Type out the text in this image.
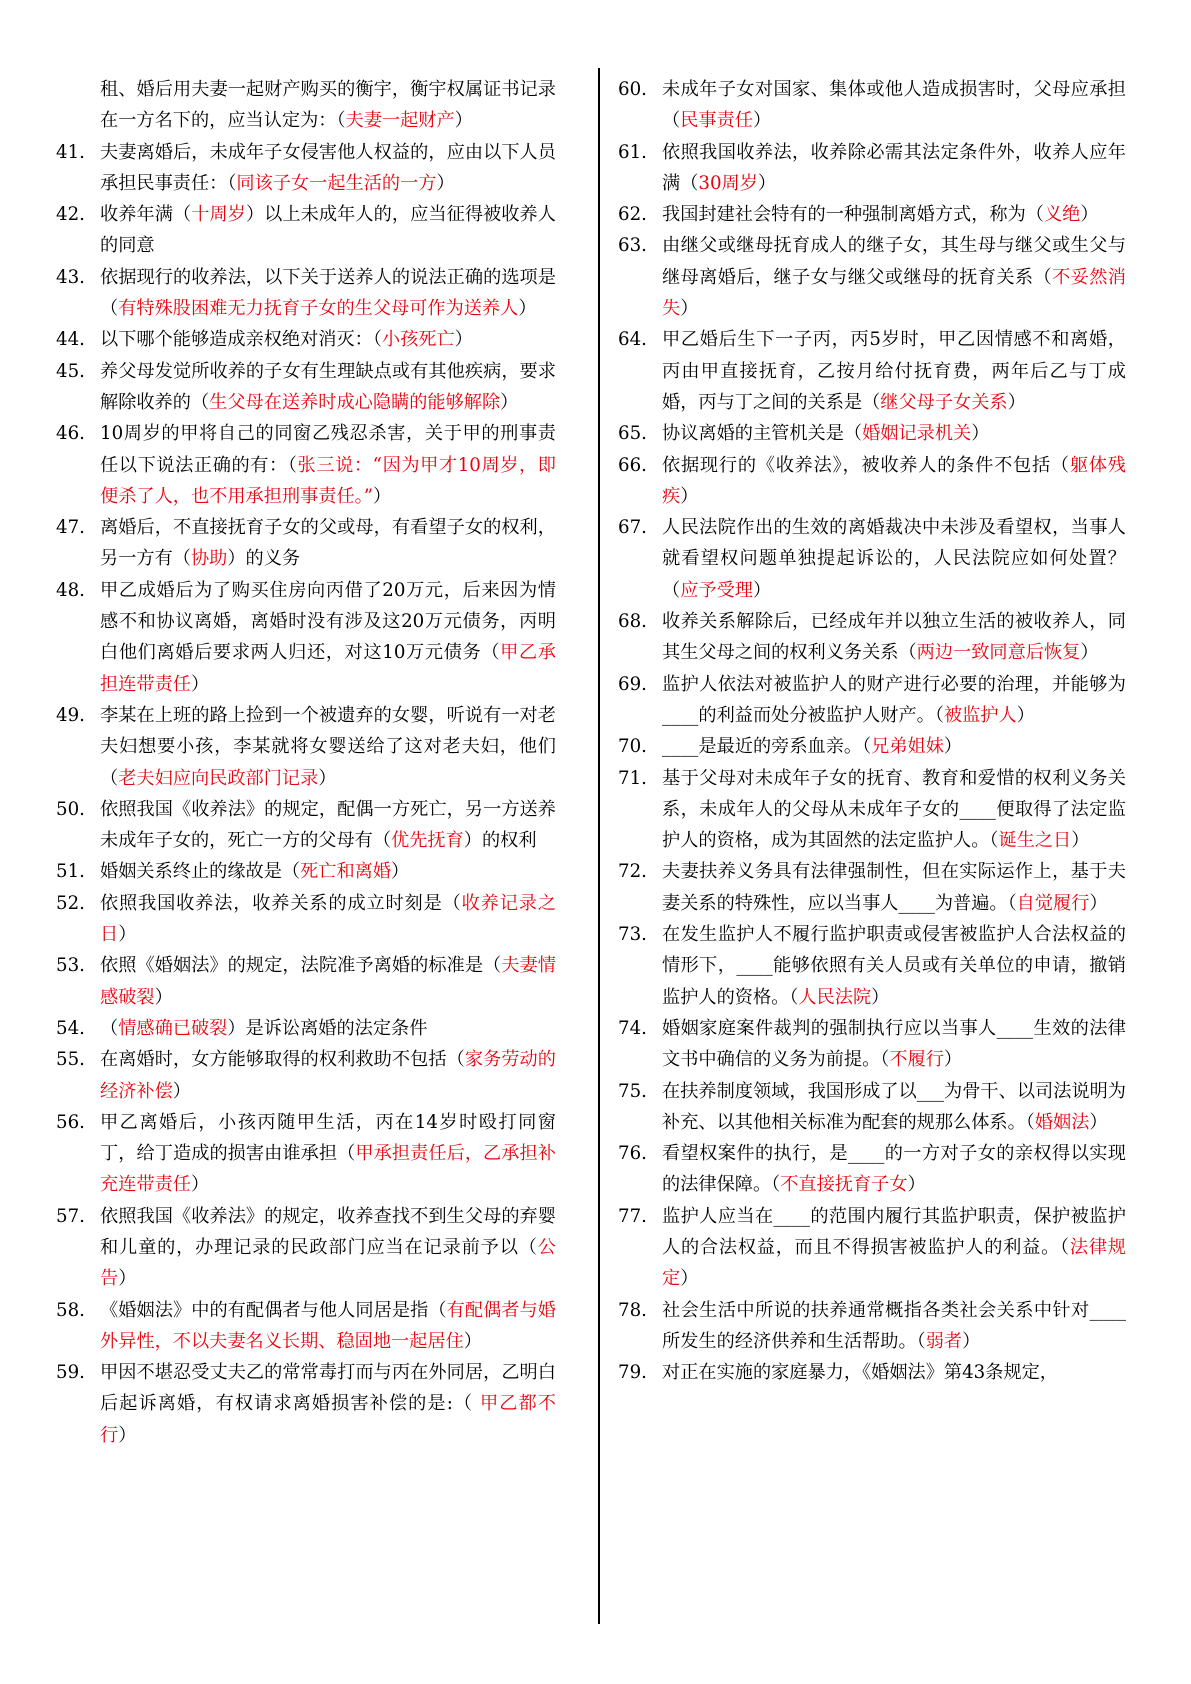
租、婚后用夫妻一起财产购买的衡宇，衡宇权属证书记录在一方名下的，应当认定为：（夫妻一起财产）
41. 夫妻离婚后，未成年子女侵害他人权益的，应由以下人员承担民事责任：（同该子女一起生活的一方）
42. 收养年满（十周岁）以上未成年人的，应当征得被收养人的同意
43. 依据现行的收养法，以下关于送养人的说法正确的选项是（有特殊股困难无力抚育子女的生父母可作为送养人）
44. 以下哪个能够造成亲权绝对消灭：（小孩死亡）
45. 养父母发觉所收养的子女有生理缺点或有其他疾病，要求解除收养的（生父母在送养时成心隐瞒的能够解除）
46. 10周岁的甲将自己的同窗乙残忍杀害，关于甲的刑事责任以下说法正确的有：（张三说：“因为甲才10周岁，即便杀了人，也不用承担刑事责任。”）
47. 离婚后，不直接抚育子女的父或母，有看望子女的权利，另一方有（协助）的义务
48. 甲乙成婚后为了购买住房向丙借了20万元，后来因为情感不和协议离婚，离婚时没有涉及这20万元债务，丙明白他们离婚后要求两人归还，对这10万元债务（甲乙承担连带责任）
49. 李某在上班的路上捡到一个被遗弃的女婴，听说有一对老夫妇想要小孩，李某就将女婴送给了这对老夫妇，他们（老夫妇应向民政部门记录）
50. 依照我国《收养法》的规定，配偶一方死亡，另一方送养未成年子女的，死亡一方的父母有（优先抚育）的权利
51. 婚姻关系终止的缘故是（死亡和离婚）
52. 依照我国收养法，收养关系的成立时刻是（收养记录之日）
53. 依照《婚姻法》的规定，法院准予离婚的标准是（夫妻情感破裂）
54. （情感确已破裂）是诉讼离婚的法定条件
55. 在离婚时，女方能够取得的权利救助不包括（家务劳动的经济补偿）
56. 甲乙离婚后，小孩丙随甲生活，丙在14岁时殴打同窗丁，给丁造成的损害由谁承担（甲承担责任后，乙承担补充连带责任）
57. 依照我国《收养法》的规定，收养查找不到生父母的弃婴和儿童的，办理记录的民政部门应当在记录前予以（公告）
58. 《婚姻法》中的有配偶者与他人同居是指（有配偶者与婚外异性，不以夫妻名义长期、稳固地一起居住）
59. 甲因不堪忍受丈夫乙的常常毒打而与丙在外同居，乙明白后起诉离婚，有权请求离婚损害补偿的是:（ 甲乙都不行）
60. 未成年子女对国家、集体或他人造成损害时，父母应承担（民事责任）
61. 依照我国收养法，收养除必需其法定条件外，收养人应年满（30周岁）
62. 我国封建社会特有的一种强制离婚方式，称为（义绝）
63. 由继父或继母抚育成人的继子女，其生母与继父或生父与继母离婚后，继子女与继父或继母的抚育关系（不妥然消失）
64. 甲乙婚后生下一子丙，丙5岁时，甲乙因情感不和离婚，丙由甲直接抚育，乙按月给付抚育费，两年后乙与丁成婚，丙与丁之间的关系是（继父母子女关系）
65. 协议离婚的主管机关是（婚姻记录机关）
66. 依据现行的《收养法》，被收养人的条件不包括（躯体残疾）
67. 人民法院作出的生效的离婚裁决中未涉及看望权，当事人就看望权问题单独提起诉讼的，人民法院应如何处置？（应予受理）
68. 收养关系解除后，已经成年并以独立生活的被收养人，同其生父母之间的权利义务关系（两边一致同意后恢复）
69. 监护人依法对被监护人的财产进行必要的治理，并能够为____的利益而处分被监护人财产。（被监护人）
70. ____是最近的旁系血亲。（兄弟姐妹）
71. 基于父母对未成年子女的抚育、教育和爱惜的权利义务关系，未成年人的父母从未成年子女的____便取得了法定监护人的资格，成为其固然的法定监护人。（诞生之日）
72. 夫妻扶养义务具有法律强制性，但在实际运作上，基于夫妻关系的特殊性，应以当事人____为普遍。（自觉履行）
73. 在发生监护人不履行监护职责或侵害被监护人合法权益的情形下，____能够依照有关人员或有关单位的申请，撤销监护人的资格。（人民法院）
74. 婚姻家庭案件裁判的强制执行应以当事人____生效的法律文书中确信的义务为前提。（不履行）
75. 在扶养制度领域，我国形成了以___为骨干、以司法说明为补充、以其他相关标准为配套的规那么体系。（婚姻法）
76. 看望权案件的执行，是____的一方对子女的亲权得以实现的法律保障。（不直接抚育子女）
77. 监护人应当在____的范围内履行其监护职责，保护被监护人的合法权益，而且不得损害被监护人的利益。（法律规定）
78. 社会生活中所说的扶养通常概指各类社会关系中针对____所发生的经济供养和生活帮助。（弱者）
79. 对正在实施的家庭暴力，《婚姻法》第43条规定，
